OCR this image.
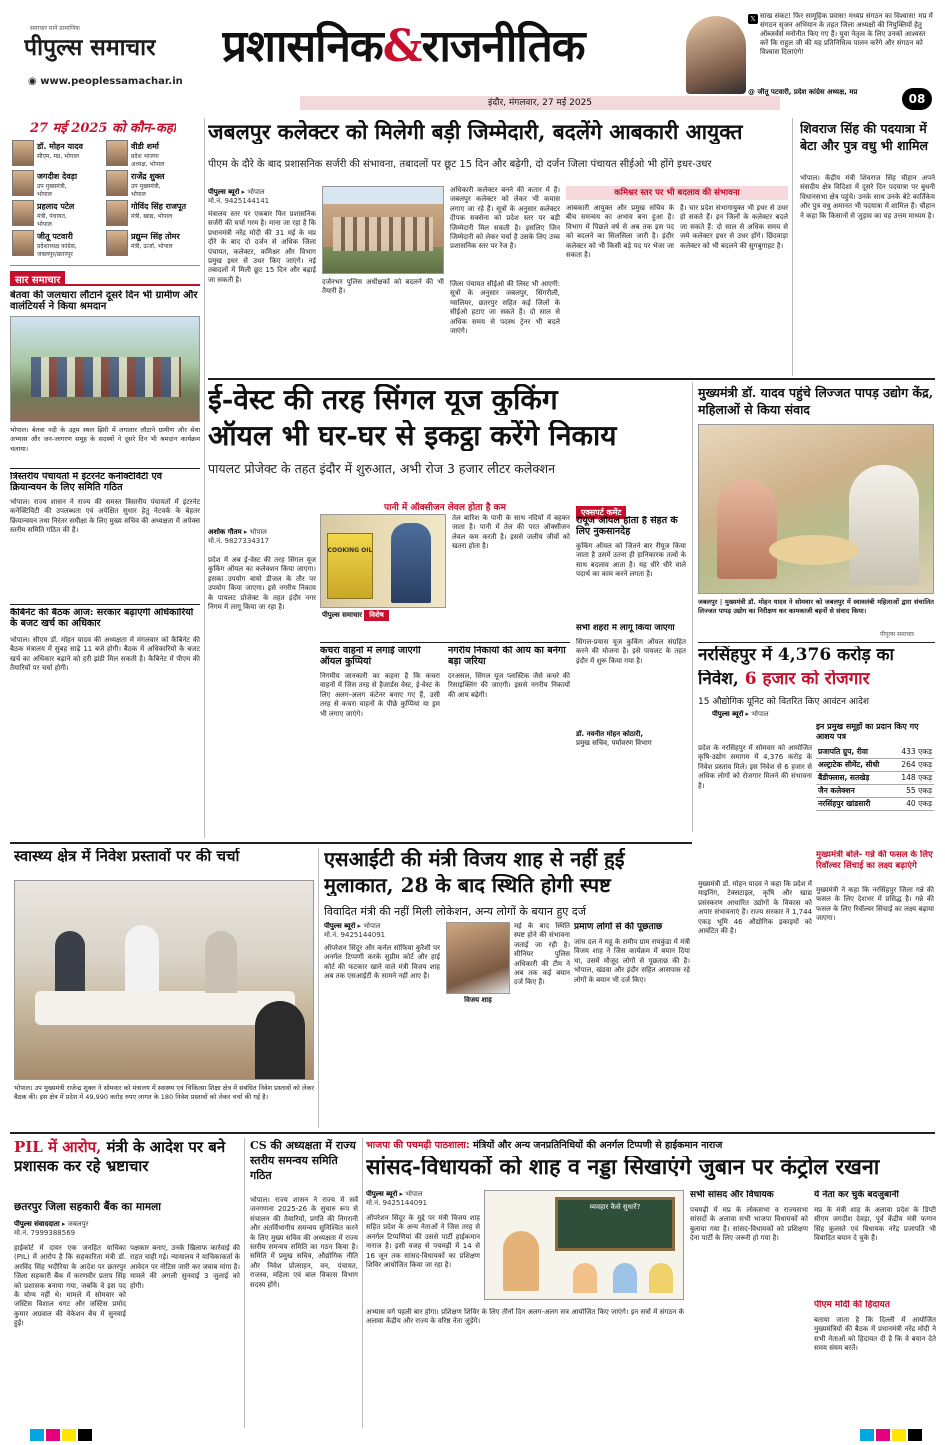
समाचार माने प्रामाणिक
पीपुल्स समाचार
◉ www.peoplessamachar.in
प्रशासनिक&राजनीतिक
इंदौर, मंगलवार, 27 मई 2025
𝕏 साख संकट! फिर सामूहिक प्रवास! मध्यप्र संगठन का विश्वास! मप्र में संगठन सृजन अभियान के तहत जिला अध्यक्षों की नियुक्तियों हेतु ऑब्जर्वर्स मनोनीत किए गए हैं। युवा नेतृत्व के लिए उनको आश्वस्त करें कि राहुल जी की यह प्रतिनिधित्व पालन करेंगे और संगठन को विश्वास दिलाएंगे!
@ जीतू पटवारी, प्रदेश कांग्रेस अध्यक्ष, मप्र	08
27 मई 2025 को कौन-कहां
डॉ. मोहन यादव
सीएम, मप्र, भोपाल
वीडी शर्मा
प्रदेश भाजपा अध्यक्ष, भोपाल
जगदीश देवड़ा
उप मुख्यमंत्री, भोपाल
राजेंद्र शुक्ल
उप मुख्यमंत्री, भोपाल
प्रहलाद पटेल
मंत्री, पंचायत, भोपाल
गोविंद सिंह राजपूत
मंत्री, खाद्य, भोपाल
जीतू पटवारी
प्रदेशाध्यक्ष कांग्रेस, जबलपुर/छतरपुर
प्रद्युम्न सिंह तोमर
मंत्री, ऊर्जा, भोपाल
सार समाचार
बेतवा की जलधारा लौटाने दूसरे दिन भी ग्रामीण और वालंटियर्स ने किया श्रमदान
भोपाल। बेतवा नदी के उद्गम स्थल झिरी में लगातार लौटाने ग्रामीण और सेवा अभ्यास और जन-जागरण समूह के सदस्यों ने दूसरे दिन भी श्रमदान कार्यक्रम चलाया।
त्रिस्तरीय पंचायतों में इंटरनेट कनेक्टिविटी एवं क्रियान्वयन के लिए समिति गठित
भोपाल। राज्य शासन ने राज्य की समस्त त्रिस्तरीय पंचायतों में इंटरनेट कनेक्टिविटी की उपलब्धता एवं अपेक्षित सुधार हेतु नेटवर्क के बेहतर क्रियान्वयन तथा निरंतर समीक्षा के लिए मुख्य सचिव की अध्यक्षता में अपेक्स स्तरीय समिति गठित की है।
कैबिनेट की बैठक आज: सरकार बढ़ाएगी अधिकारियों के बजट खर्च का अधिकार
भोपाल। सीएम डॉ. मोहन यादव की अध्यक्षता में मंगलवार को कैबिनेट की बैठक मंत्रालय में सुबह साढ़े 11 बजे होगी। बैठक में अधिकारियों के बजट खर्च का अधिकार बढ़ाने को हरी झंडी मिल सकती है। कैबिनेट में पीएम की तैयारियों पर चर्चा होगी।
जबलपुर कलेक्टर को मिलेगी बड़ी जिम्मेदारी, बदलेंगे आबकारी आयुक्त
पीएम के दौरे के बाद प्रशासनिक सर्जरी की संभावना, तबादलों पर छूट 15 दिन और बढ़ेगी, दो दर्जन जिला पंचायत सीईओ भी होंगे इधर-उधर
पीपुल्स ब्यूरो ▸ भोपाल
मो.नं. 9425144141
मंत्रालय स्तर पर एकबार फिर प्रशासनिक सर्जरी की चर्चा गरम है। माना जा रहा है कि प्रधानमंत्री नरेंद्र मोदी की 31 मई के मप्र दौरे के बाद दो दर्जन से अधिक जिला पंचायत, कलेक्टर, कमिश्नर और विभाग प्रमुख इधर से उधर किए जाएंगे। नई तबादलों में मिली छूट 15 दिन और बढ़ाई जा सकती है।	दर्जनभर पुलिस अधीक्षकों को बदलने की भी तैयारी है।
अधिकारी कलेक्टर बनने की कतार में हैं। जबलपुर कलेक्टर को लेकर भी कयास लगाए जा रहे हैं। सूत्रों के अनुसार कलेक्टर दीपक सक्सेना को प्रदेश स्तर पर बड़ी जिम्मेदारी मिल सकती है। इसलिए जिन जिम्मेदारी को लेकर चर्चा है उसके लिए उच्च प्रशासनिक स्तर पर रेंज है।
जिला पंचायत सीईओ की लिस्ट भी आएगी: सूत्रों के अनुसार जबलपुर, सिंगरौली, ग्वालियर, छतरपुर सहित कई जिलों के सीईओ हटाए जा सकते हैं। दो साल से अधिक समय से पदस्थ ट्रेनर भी बदले जाएंगे।
कमिश्नर स्तर पर भी बदलाव की संभावना
आबकारी आयुक्त और प्रमुख सचिव के बीच समन्वय का अभाव बना हुआ है। विभाग में पिछले वर्ष से अब तक इस पद को बदलने का सिलसिला जारी है। इंदौर कलेक्टर को भी किसी बड़े पद पर भेजा जा सकता है।
है। चार प्रदेश संभागायुक्त भी इधर से उधर हो सकते हैं। इन जिलों के कलेक्टर बदले जा सकते हैं: दो साल से अधिक समय से जमे कलेक्टर इधर से उधर होंगे। छिंदवाड़ा कलेक्टर को भी बदलने की सुगबुगाहट है।
शिवराज सिंह की पदयात्रा में बेटा और पुत्र वधु भी शामिल
भोपाल। केंद्रीय मंत्री शिवराज सिंह चौहान अपने संसदीय क्षेत्र विदिशा में दूसरे दिन पदयात्रा पर बुधनी विधानसभा क्षेत्र पहुंचे। उनके साथ उनके बेटे कार्तिकेय और पुत्र वधु अमानत भी पदयात्रा में शामिल हैं। चौहान ने कहा कि किसानों से जुड़ाव का यह उत्तम माध्यम है।
ई-वेस्ट की तरह सिंगल यूज कुकिंग
ऑयल भी घर-घर से इकट्ठा करेंगे निकाय
पायलट प्रोजेक्ट के तहत इंदौर में शुरुआत, अभी रोज 3 हजार लीटर कलेक्शन
अशोक गौतम ▸ भोपाल
मो.नं. 9827334317
पानी में ऑक्सीजन लेवल होता है कम
COOKING OIL
पीपुल्स समाचार विशेष
प्रदेश में अब ई-वेस्ट की तरह सिंगल यूज कुकिंग ऑयल का कलेक्शन किया जाएगा। इसका उपयोग बायो डीजल के तौर पर उपयोग किया जाएगा। इसे नगरीय निकाय के पायलट प्रोजेक्ट के तहत इंदौर नगर निगम में लागू किया जा रहा है।
तेल बारिश के पानी के साथ नदियों में बहकर जाता है। पानी में तेल की परत ऑक्सीजन लेवल कम करती है। इससे जलीय जीवों को खतरा होता है।
कचरा वाहनों में लगाई जाएंगी ऑयल कुप्पियां
निगमीय जानकारी का कहना है कि कचरा वाहनों में जिस तरह से हैजार्डस वेस्ट, ई-वेस्ट के लिए अलग-अलग कंटेनर बनाए गए हैं, उसी तरह से कचरा वाहनों के पीछे कुप्पियां या ड्रम भी लगाए जाएंगे।
नगरीय निकायों की आय का बनेगा बड़ा जरिया
दरअसल, सिंगल यूज प्लास्टिक जैसे कचरे की रिसाइक्लिंग की जाएगी। इससे नगरीय निकायों की आय बढ़ेगी।
एक्सपर्ट कमेंट
रीयूज ऑयल होता है सेहत के लिए नुकसानदेह
कुकिंग ऑयल को जितने बार रीयूज किया जाता है उसमें उतना ही हानिकारक तत्वों के साथ बदलाव आता है। यह धीरे धीरे वाले पदार्थ का काम करने लगता है।
सभी शहरों में लागू किया जाएगा
सिंगल-प्रयास यूज कुकिंग ऑयल संग्रहित करने की योजना है। इसे पायलट के तहत इंदौर में शुरू किया गया है।
डॉ. नवनीत मोहन कोठारी,
प्रमुख सचिव, पर्यावरण विभाग
मुख्यमंत्री डॉ. यादव पहुंचे लिज्जत पापड़ उद्योग केंद्र, महिलाओं से किया संवाद
जबलपुर | मुख्यमंत्री डॉ. मोहन यादव ने सोमवार को जबलपुर में स्वावलंबी महिलाओं द्वारा संचालित लिज्जत पापड़ उद्योग का निरीक्षण कर कामकाजी बहनों से संवाद किया।
पीपुल्स समाचार
नरसिंहपुर में 4,376 करोड़ का
निवेश, 6 हजार को रोजगार
15 औद्योगिक यूनिट को वितरित किए आवंटन आदेश
पीपुल्स ब्यूरो ▸ भोपाल
प्रदेश के नरसिंहपुर में सोमवार को आयोजित कृषि-उद्योग समागम में 4,376 करोड़ के निवेश प्रस्ताव मिले। इस निवेश से 6 हजार से अधिक लोगों को रोजगार मिलने की संभावना है।
इन प्रमुख समूहों का प्रदान किए गए आशय पत्र
प्रजापति ग्रुप, रीवा	433 एकड़
अल्ट्राटेक सीमेंट, सीधी	264 एकड़
बैंडीफ्लास, सतखेड़	148 एकड़
जैन कलेक्शन	55 एकड़
नरसिंहपुर खांडसारी	40 एकड़
मुख्यमंत्री डॉ. मोहन यादव ने कहा कि प्रदेश में माइनिंग, टेक्सटाइल, कृषि और खाद्य प्रसंस्करण आधारित उद्योगों के विकास को अपार संभावनाएं हैं। राज्य सरकार ने 1,744 एकड़ भूमि 46 औद्योगिक इकाइयों को आवंटित की है।
मुख्यमंत्री बोले- गन्ने की फसल के लिए रिवॉल्वर सिंचाई का लक्ष्य बढ़ाएंगे
मुख्यमंत्री ने कहा कि नरसिंहपुर जिला गन्ने की फसल के लिए देशभर में प्रसिद्ध है। गन्ने की फसल के लिए रिवॉल्वर सिंचाई का लक्ष्य बढ़ाया जाएगा।
स्वास्थ्य क्षेत्र में निवेश प्रस्तावों पर की चर्चा
भोपाल। उप मुख्यमंत्री राजेन्द्र शुक्ल ने सोमवार को मंत्रालय में स्वास्थ्य एवं चिकित्सा शिक्षा क्षेत्र में संबंधित निवेश प्रस्तावों को लेकर बैठक की। इस क्षेत्र में प्रदेश में 49,990 करोड़ रुपए लागत के 180 निवेश प्रस्तावों को लेकर चर्चा की गई है।
एसआईटी की मंत्री विजय शाह से नहीं हुई
मुलाकात, 28 के बाद स्थिति होगी स्पष्ट
विवादित मंत्री की नहीं मिली लोकेशन, अन्य लोगों के बयान हुए दर्ज
पीपुल्स ब्यूरो ▸ भोपाल
मो.नं. 9425144091
ऑपरेशन सिंदूर और कर्नल सोफिया कुरैशी पर अनर्गल टिप्पणी करके सुप्रीम कोर्ट और हाई कोर्ट की फटकार खाने वाले मंत्री विजय शाह अब तक एसआईटी के सामने नहीं आए हैं।
विजय शाह
मई के बाद स्थिति स्पष्ट होने की संभावना जताई जा रही है। सीनियर पुलिस अधिकारी की टीम ने अब तक कई बयान दर्ज किए हैं।
प्रमाण लोगों से की पूछताछ
जांच दल ने महू के समीप ग्राम रायकुंडा में मंत्री विजय शाह ने जिस कार्यक्रम में बयान दिया था, उसमें मौजूद लोगों से पूछताछ की है। भोपाल, खंडवा और इंदौर सहित आसपास रहे लोगों के बयान भी दर्ज किए।
PIL में आरोप, मंत्री के आदेश पर बने प्रशासक कर रहे भ्रष्टाचार
छतरपुर जिला सहकारी बैंक का मामला
पीपुल्स संवाददाता ▸ जबलपुर
मो.नं. 7999388569
हाईकोर्ट में दायर एक जनहित याचिका (PIL) में आरोप है कि सहकारिता मंत्री डॉ. अरविंद सिंह भदौरिया के आदेश पर छतरपुर जिला सहकारी बैंक में करणवीर प्रताप सिंह को प्रशासक बनाया गया, जबकि वे इस पद के योग्य नहीं थे। मामले में सोमवार को जस्टिस विशाल धगट और जस्टिस प्रमोद कुमार अग्रवाल की वेकेशन बेंच में सुनवाई हुई।
पक्षकार बनाए, उनके खिलाफ कार्रवाई की राहत चाही गई। न्यायालय ने याचिकाकर्ता के आवेदन पर नोटिस जारी कर जवाब मांगा है। मामले की अगली सुनवाई 3 जुलाई को होगी।
CS की अध्यक्षता में राज्य स्तरीय समन्वय समिति गठित
भोपाल। राज्य शासन ने राज्य में सर्वे जनगणना 2025-26 के सुचारु रूप से संचालन की तैयारियों, प्रगति की निगरानी और अंतर्विभागीय समन्वय सुनिश्चित करने के लिए मुख्य सचिव की अध्यक्षता में राज्य स्तरीय समन्वय समिति का गठन किया है। समिति में प्रमुख सचिव, औद्योगिक नीति और निवेश प्रोत्साहन, वन, पंचायत, राजस्व, महिला एवं बाल विकास विभाग सदस्य होंगे।
भाजपा की पचमढ़ी पाठशाला: मंत्रियों और अन्य जनप्रतिनिधियों की अनर्गल टिप्पणी से हाईकमान नाराज
सांसद-विधायकों को शाह व नड्डा सिखाएंगे जुबान पर कंट्रोल रखना
पीपुल्स ब्यूरो ▸ भोपाल
मो.नं. 9425144091
ऑपरेशन सिंदूर के मुद्दे पर मंत्री विजय शाह सहित प्रदेश के अन्य नेताओं ने जिस तरह से अनर्गल टिप्पणियां कीं उससे पार्टी हाईकमान नाराज है। इसी वजह से पचमढ़ी में 14 से 16 जून तक सांसद-विधायकों का प्रशिक्षण शिविर आयोजित किया जा रहा है।
व्यवहार कैसे सुधारें?
अभ्यास वर्ग पहली बार होगा। प्रशिक्षण शिविर के लिए तीनों दिन अलग-अलग सत्र आयोजित किए जाएंगे। इन सत्रों में संगठन के अलावा केंद्रीय और राज्य के वरिष्ठ नेता जुड़ेंगे।
सभी सांसद और विधायक
पचमढ़ी में मप्र के लोकसभा व राज्यसभा सांसदों के अलावा सभी भाजपा विधायकों को बुलाया गया है। सांसद-विधायकों को प्रशिक्षण देना पार्टी के लिए जरूरी हो गया है।
ये नेता कर चुके बदजुबानी
मप्र के मंत्री शाह के अलावा प्रदेश के डिप्टी सीएम जगदीश देवड़ा, पूर्व केंद्रीय मंत्री फग्गन सिंह कुलस्ते एवं विधायक नरेंद्र प्रजापति भी विवादित बयान दे चुके हैं।
पीएम मोदी की हिदायत
बताया जाता है कि दिल्ली में आयोजित मुख्यमंत्रियों की बैठक में प्रधानमंत्री नरेंद्र मोदी ने सभी नेताओं को हिदायत दी है कि वे बयान देते समय संयम बरतें।
